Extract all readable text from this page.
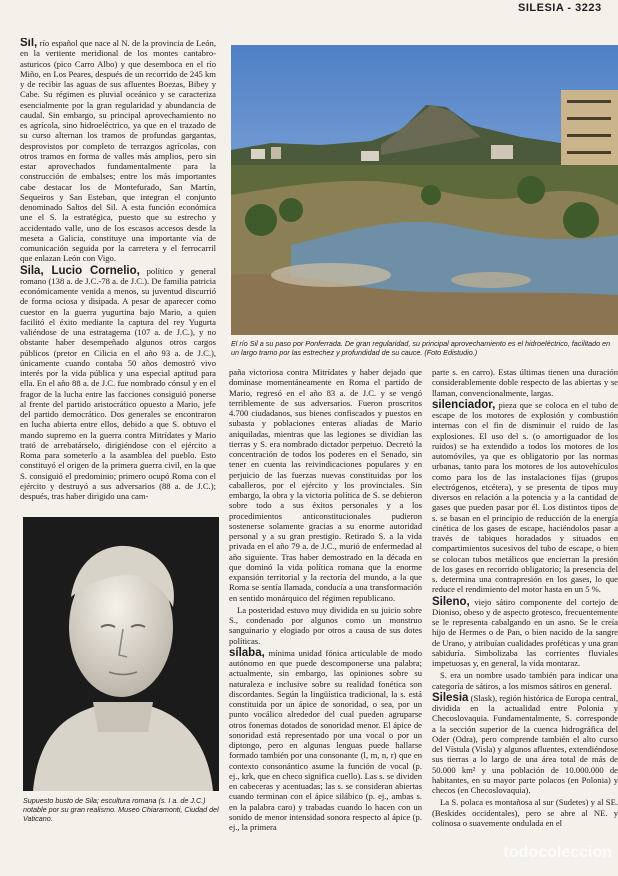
SILESIA - 3223

Sil, río español que nace al N. de la provincia de León, en la vertiente meridional de los montes cantabro-asturicos (pico Carro Albo) y que desemboca en el río Miño, en Los Peares, después de un recorrido de 245 km y de recibir las aguas de sus afluentes Boezas, Bibey y Cabe. Su régimen es pluvial oceánico y se caracteriza esencialmente por la gran regularidad y abundancia de caudal. Sin embargo, su principal aprovechamiento no es agrícola, sino hidroeléctrico, ya que en el trazado de su curso alternan los tramos de profundas gargantas, desprovistos por completo de terrazgos agrícolas, con otros tramos en forma de valles más amplios, pero sin estar aprovechados fundamentalmente para la construcción de embalses; entre los más importantes cabe destacar los de Montefurado, San Martín, Sequeiros y San Esteban, que integran el conjunto denominado Saltos del Sil. A esta función económica une el S. la estratégica, puesto que su estrecho y accidentado valle, uno de los escasos accesos desde la meseta a Galicia, constituye una importante vía de comunicación seguida por la carretera y el ferrocarril que enlazan León con Vigo.

Sila, Lucio Cornelio, político y general romano (138 a. de J.C.-78 a. de J.C.). De familia patricia económicamente venida a menos, su juventud discurrió de forma ociosa y disipada. A pesar de aparecer como cuestor en la guerra yugurtina bajo Mario, a quien facilitó el éxito mediante la captura del rey Yugurta valiéndose de una estratagema (107 a. de J.C.), y no obstante haber desempeñado algunos otros cargos públicos (pretor en Cilicia en el año 93 a. de J.C.), únicamente cuando contaba 50 años demostró vivo interés por la vida pública y una especial aptitud para ella. En el año 88 a. de J.C. fue nombrado cónsul y en el fragor de la lucha entre las facciones consiguió ponerse al frente del partido aristocrático opuesto a Mario, jefe del partido democrático. Dos generales se encontraron en lucha abierta entre ellos, debido a que S. obtuvo el mando supremo en la guerra contra Mitrídates y Mario trató de arrebatárselo, dirigiéndose con el ejército a Roma para someterlo a la asamblea del pueblo. Esto constituyó el origen de la primera guerra civil, en la que S. consiguió el predominio; primero ocupó Roma con el ejército y destruyó a sus adversarios (88 a. de J.C.); después, tras haber dirigido una cam-

El río Sil a su paso por Ponferrada. De gran regularidad, su principal aprovechamiento es el hidroeléctrico, facilitado en un largo tramo por las estrechez y profundidad de su cauce. (Foto Edistudio.)
Supuesto busto de Sila; escultura romana (s. I a. de J.C.) notable por su gran realismo. Museo Chiaramonti, Ciudad del Vaticano.

paña victoriosa contra Mitrídates y haber dejado que dominase momentáneamente en Roma el partido de Mario, regresó en el año 83 a. de J.C. y se vengó terriblemente de sus adversarios. Fueron proscritos 4.700 ciudadanos, sus bienes confiscados y puestos en subasta y poblaciones enteras aliadas de Mario aniquiladas, mientras que las legiones se dividían las tierras y S. era nombrado dictador perpetuo. Decretó la concentración de todos los poderes en el Senado, sin tener en cuenta las reivindicaciones populares y en perjuicio de las fuerzas nuevas constituidas por los caballeros, por el ejército y los provinciales. Sin embargo, la obra y la victoria política de S. se debieron sobre todo a sus éxitos personales y a los procedimientos anticonstitucionales pudieron sostenerse solamente gracias a su enorme autoridad personal y a su gran prestigio. Retirado S. a la vida privada en el año 79 a. de J.C., murió de enfermedad al año siguiente. Tras haber demostrado en la década en que dominó la vida política romana que la enorme expansión territorial y la rectoría del mundo, a la que Roma se sentía llamada, conducía a una transformación en sentido monárquico del régimen republicano.

La posteridad estuvo muy dividida en su juicio sobre S., condenado por algunos como un monstruo sanguinario y elogiado por otros a causa de sus dotes políticas.

sílaba, mínima unidad fónica articulable de modo autónomo en que puede descomponerse una palabra; actualmente, sin embargo, las opiniones sobre su naturaleza e inclusive sobre su realidad fonética son discordantes. Según la lingüística tradicional, la s. está constituida por un ápice de sonoridad, o sea, por un punto vocálico alrededor del cual pueden agruparse otros fonemas dotados de sonoridad menor. El ápice de sonoridad está representado por una vocal o por un diptongo, pero en algunas lenguas puede hallarse formado también por una consonante (l, m, n, r) que en contexto consonántico asume la función de vocal (p. ej., krk, que en checo significa cuello). Las s. se dividen en cabeceras y acentuadas; las s. se consideran abiertas cuando terminan con el ápice silábico (p. ej., ambas s. en la palabra caro) y trabadas cuando lo hacen con un sonido de menor intensidad sonora respecto al ápice (p. ej., la primera

parte s. en carro). Estas últimas tienen una duración considerablemente doble respecto de las abiertas y se llaman, convencionalmente, largas.

silenciador, pieza que se coloca en el tubo de escape de los motores de explosión y combustión internas con el fin de disminuir el ruido de las explosiones. El uso del s. (o amortiguador de los ruidos) se ha extendido a todos los motores de los automóviles, ya que es obligatorio por las normas urbanas, tanto para los motores de los autovehículos como para los de las instalaciones fijas (grupos electrógenos, etcétera), y se presenta de tipos muy diversos en relación a la potencia y a la cantidad de gases que pueden pasar por él. Los distintos tipos de s. se basan en el principio de reducción de la energía cinética de los gases de escape, haciéndolos pasar a través de tabiques horadados y situados en compartimientos sucesivos del tubo de escape, o bien se colocan tubos metálicos que encierran la presión de los gases en recorrido obligatorio; la presencia del s. determina una contrapresión en los gases, lo que reduce el rendimiento del motor hasta en un 5 %.

Sileno, viejo sátiro componente del cortejo de Dioniso, obeso y de aspecto grotesco, frecuentemente se le representa cabalgando en un asno. Se le creía hijo de Hermes o de Pan, o bien nacido de la sangre de Urano, y atribuían cualidades proféticas y una gran sabiduría. Simbolizaba las corrientes fluviales impetuosas y, en general, la vida montaraz.

S. era un nombre usado también para indicar una categoría de sátiros, a los mismos sátiros en general.

Silesia (Slask), región histórica de Europa central, dividida en la actualidad entre Polonia y Checoslovaquia. Fundamentalmente, S. corresponde a la sección superior de la cuenca hidrográfica del Oder (Odra), pero comprende también el alto curso del Vístula (Visla) y algunos afluentes, extendiéndose sus tierras a lo largo de una área total de más de 50.000 km² y una población de 10.000.000 de habitantes, en su mayor parte polacos (en Polonia) y checos (en Checoslovaquia).

La S. polaca es montañosa al sur (Sudetes) y al SE. (Beskides occidentales), pero se abre al NE. y colinosa o suavemente ondulada en el

todocoleccion
